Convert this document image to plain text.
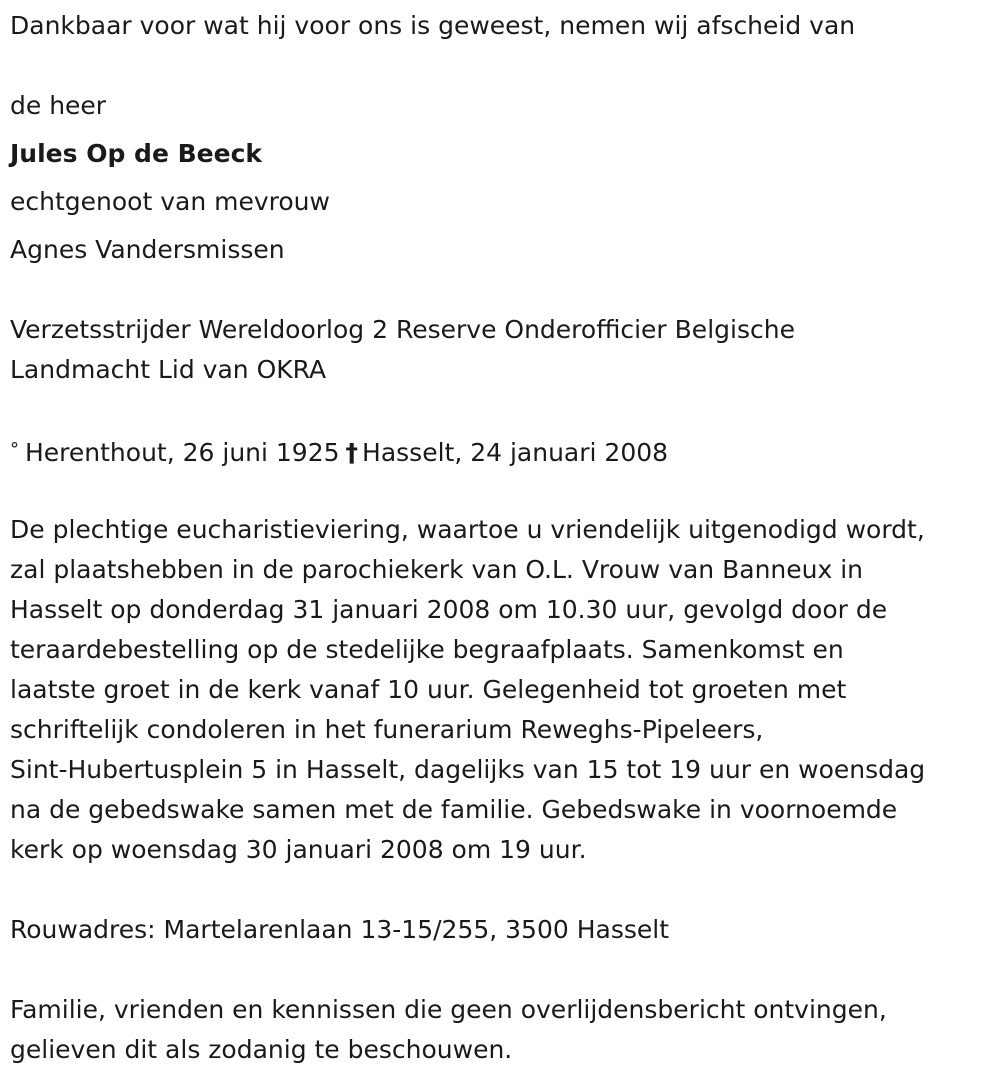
Dankbaar voor wat hij voor ons is geweest, nemen wij afscheid van

de heer

Jules Op de Beeck

echtgenoot van mevrouw

Agnes Vandersmissen

Verzetsstrijder Wereldoorlog 2 Reserve Onderofficier Belgische
Landmacht Lid van OKRA

° Herenthout, 26 juni 1925 † Hasselt, 24 januari 2008

De plechtige eucharistieviering, waartoe u vriendelijk uitgenodigd wordt,
zal plaatshebben in de parochiekerk van O.L. Vrouw van Banneux in
Hasselt op donderdag 31 januari 2008 om 10.30 uur, gevolgd door de
teraardebestelling op de stedelijke begraafplaats. Samenkomst en
laatste groet in de kerk vanaf 10 uur. Gelegenheid tot groeten met
schriftelijk condoleren in het funerarium Reweghs-Pipeleers,
Sint-Hubertusplein 5 in Hasselt, dagelijks van 15 tot 19 uur en woensdag
na de gebedswake samen met de familie. Gebedswake in voornoemde
kerk op woensdag 30 januari 2008 om 19 uur.

Rouwadres: Martelarenlaan 13-15/255, 3500 Hasselt

Familie, vrienden en kennissen die geen overlijdensbericht ontvingen,
gelieven dit als zodanig te beschouwen.
